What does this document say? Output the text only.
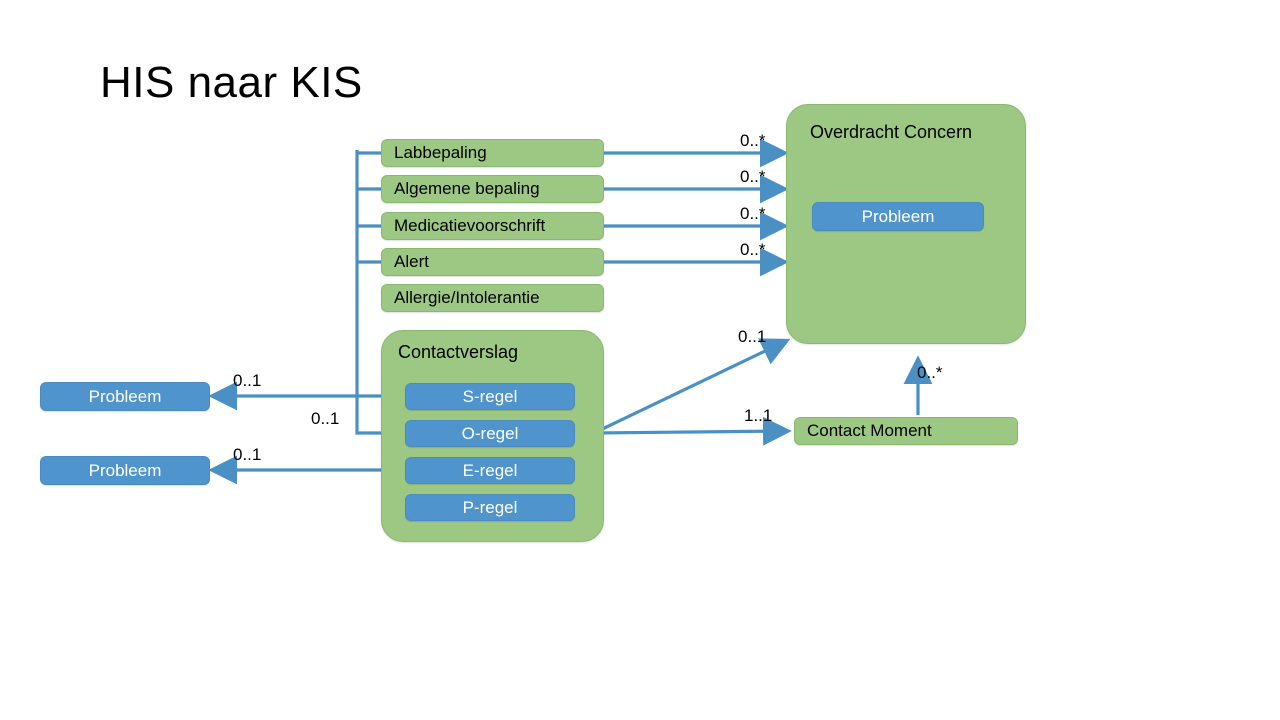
HIS naar KIS
Contactverslag
Overdracht Concern
Labbepaling
Algemene bepaling
Medicatievoorschrift
Alert
Allergie/Intolerantie
S-regel
O-regel
E-regel
P-regel
Probleem
Contact Moment
Probleem
Probleem
0..*
0..*
0..*
0..*
0..1
1..1
0..*
0..1
0..1
0..1
